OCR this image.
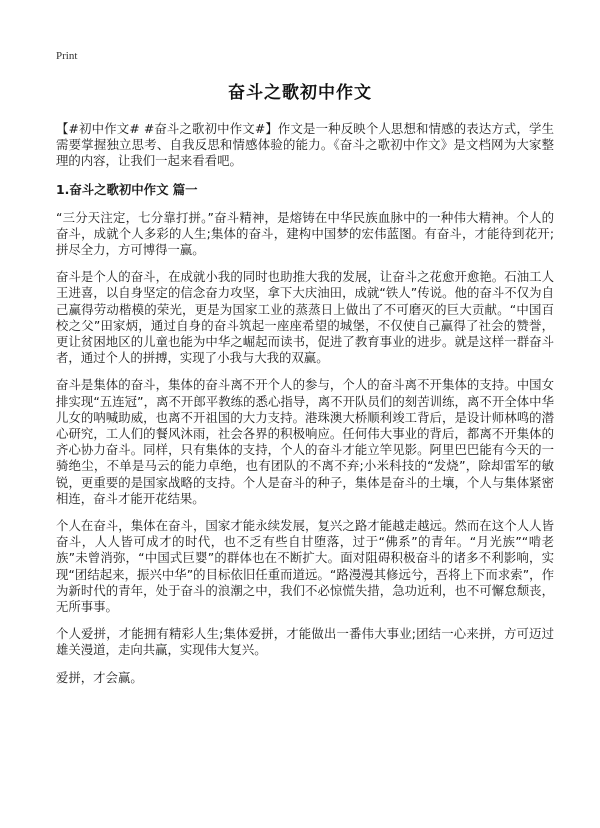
Print
奋斗之歌初中作文

【#初中作文# #奋斗之歌初中作文#】作文是一种反映个人思想和情感的表达方式，学生需要掌握独立思考、自我反思和情感体验的能力。《奋斗之歌初中作文》是文档网为大家整理的内容，让我们一起来看看吧。

1.奋斗之歌初中作文 篇一

“三分天注定，七分靠打拼。”奋斗精神，是熔铸在中华民族血脉中的一种伟大精神。个人的奋斗，成就个人多彩的人生;集体的奋斗，建构中国梦的宏伟蓝图。有奋斗，才能待到花开;拼尽全力，方可博得一赢。

奋斗是个人的奋斗，在成就小我的同时也助推大我的发展，让奋斗之花愈开愈艳。石油工人王进喜，以自身坚定的信念奋力攻坚，拿下大庆油田，成就“铁人”传说。他的奋斗不仅为自己赢得劳动楷模的荣光，更是为国家工业的蒸蒸日上做出了不可磨灭的巨大贡献。“中国百校之父”田家炳，通过自身的奋斗筑起一座座希望的城堡，不仅使自己赢得了社会的赞誉，更让贫困地区的儿童也能为中华之崛起而读书，促进了教育事业的进步。就是这样一群奋斗者，通过个人的拼搏，实现了小我与大我的双赢。

奋斗是集体的奋斗，集体的奋斗离不开个人的参与，个人的奋斗离不开集体的支持。中国女排实现“五连冠”，离不开郎平教练的悉心指导，离不开队员们的刻苦训练，离不开全体中华儿女的呐喊助威，也离不开祖国的大力支持。港珠澳大桥顺利竣工背后，是设计师林鸣的潜心研究，工人们的餐风沐雨，社会各界的积极响应。任何伟大事业的背后，都离不开集体的齐心协力奋斗。同样，只有集体的支持，个人的奋斗才能立竿见影。阿里巴巴能有今天的一骑绝尘，不单是马云的能力卓绝，也有团队的不离不弃;小米科技的“发烧”，除却雷军的敏锐，更重要的是国家战略的支持。个人是奋斗的种子，集体是奋斗的土壤，个人与集体紧密相连，奋斗才能开花结果。

个人在奋斗，集体在奋斗，国家才能永续发展，复兴之路才能越走越远。然而在这个人人皆奋斗，人人皆可成才的时代，也不乏有些自甘堕落，过于“佛系”的青年。“月光族”“啃老族”未曾消弥，“中国式巨婴”的群体也在不断扩大。面对阻碍积极奋斗的诸多不利影响，实现“团结起来，振兴中华”的目标依旧任重而道远。“路漫漫其修远兮，吾将上下而求索”，作为新时代的青年，处于奋斗的浪潮之中，我们不必惊慌失措，急功近利，也不可懈怠颓丧，无所事事。

个人爱拼，才能拥有精彩人生;集体爱拼，才能做出一番伟大事业;团结一心来拼，方可迈过雄关漫道，走向共赢，实现伟大复兴。

爱拼，才会赢。
